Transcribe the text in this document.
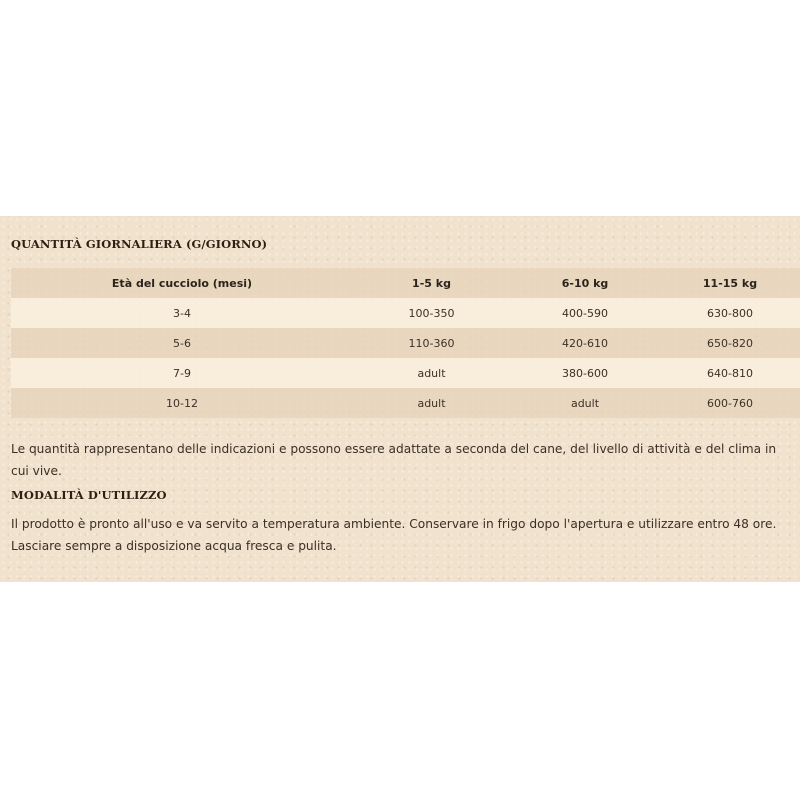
QUANTITÀ GIORNALIERA (G/GIORNO)
Età del cucciolo (mesi)	1-5 kg	6-10 kg	11-15 kg
3-4	100-350	400-590	630-800
5-6	110-360	420-610	650-820
7-9	adult	380-600	640-810
10-12	adult	adult	600-760

Le quantità rappresentano delle indicazioni e possono essere adattate a seconda del cane, del livello di attività e del clima in cui vive.

MODALITÀ D'UTILIZZO

Il prodotto è pronto all'uso e va servito a temperatura ambiente. Conservare in frigo dopo l'apertura e utilizzare entro 48 ore. Lasciare sempre a disposizione acqua fresca e pulita.
